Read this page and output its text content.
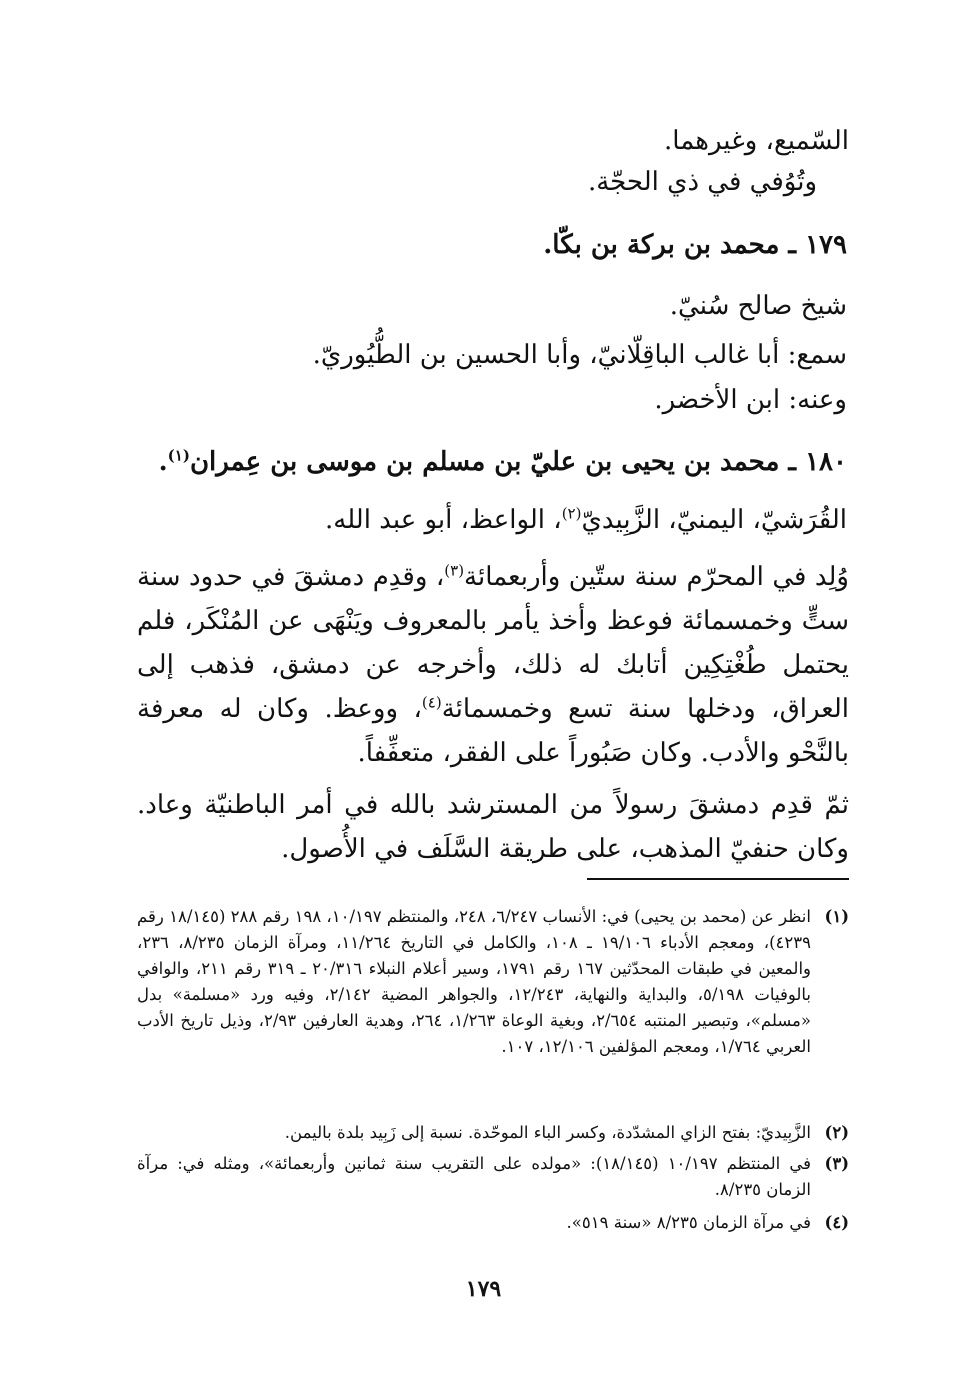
السّميع، وغيرهما.
وتُوُفي في ذي الحجّة.
١٧٩ ـ محمد بن بركة بن بكّا.
شيخ صالح سُنيّ.
سمع: أبا غالب الباقِلّانيّ، وأبا الحسين بن الطُّيُوريّ.
وعنه: ابن الأخضر.
١٨٠ ـ محمد بن يحيى بن عليّ بن مسلم بن موسى بن عِمران$^{(١)}$.
القُرَشيّ، اليمنيّ، الزَّبِيديّ$^{(٢)}$، الواعظ، أبو عبد الله.
وُلِد في المحرّم سنة ستّين وأربعمائة$^{(٣)}$، وقدِم دمشقَ في حدود سنة ستٍّ وخمسمائة فوعظ وأخذ يأمر بالمعروف ويَنْهَى عن المُنْكَر، فلم يحتمل طُغْتِكِين أتابك له ذلك، وأخرجه عن دمشق، فذهب إلى العراق، ودخلها سنة تسع وخمسمائة$^{(٤)}$، ووعظ. وكان له معرفة بالنَّحْو والأدب. وكان صَبُوراً على الفقر، متعفِّفاً.
ثمّ قدِم دمشقَ رسولاً من المسترشد بالله في أمر الباطنيّة وعاد. وكان حنفيّ المذهب، على طريقة السَّلَف في الأُصول.
(١)
انظر عن (محمد بن يحيى) في: الأنساب ٦/٢٤٧، ٢٤٨، والمنتظم ١٠/١٩٧، ١٩٨ رقم ٢٨٨ (١٨/١٤٥ رقم ٤٢٣٩)، ومعجم الأدباء ١٩/١٠٦ ـ ١٠٨، والكامل في التاريخ ١١/٢٦٤، ومرآة الزمان ٨/٢٣٥، ٢٣٦، والمعين في طبقات المحدّثين ١٦٧ رقم ١٧٩١، وسير أعلام النبلاء ٢٠/٣١٦ ـ ٣١٩ رقم ٢١١، والوافي بالوفيات ٥/١٩٨، والبداية والنهاية، ١٢/٢٤٣، والجواهر المضية ٢/١٤٢، وفيه ورد «مسلمة» بدل «مسلم»، وتبصير المنتبه ٢/٦٥٤، وبغية الوعاة ١/٢٦٣، ٢٦٤، وهدية العارفين ٢/٩٣، وذيل تاريخ الأدب العربي ١/٧٦٤، ومعجم المؤلفين ١٢/١٠٦، ١٠٧.
(٢)
الزَّبِيديّ: بفتح الزاي المشدّدة، وكسر الباء الموحّدة. نسبة إلى زَبِيد بلدة باليمن.
(٣)
في المنتظم ١٠/١٩٧ (١٨/١٤٥): «مولده على التقريب سنة ثمانين وأربعمائة»، ومثله في: مرآة الزمان ٨/٢٣٥.
(٤)
في مرآة الزمان ٨/٢٣٥ «سنة ٥١٩».
١٧٩
